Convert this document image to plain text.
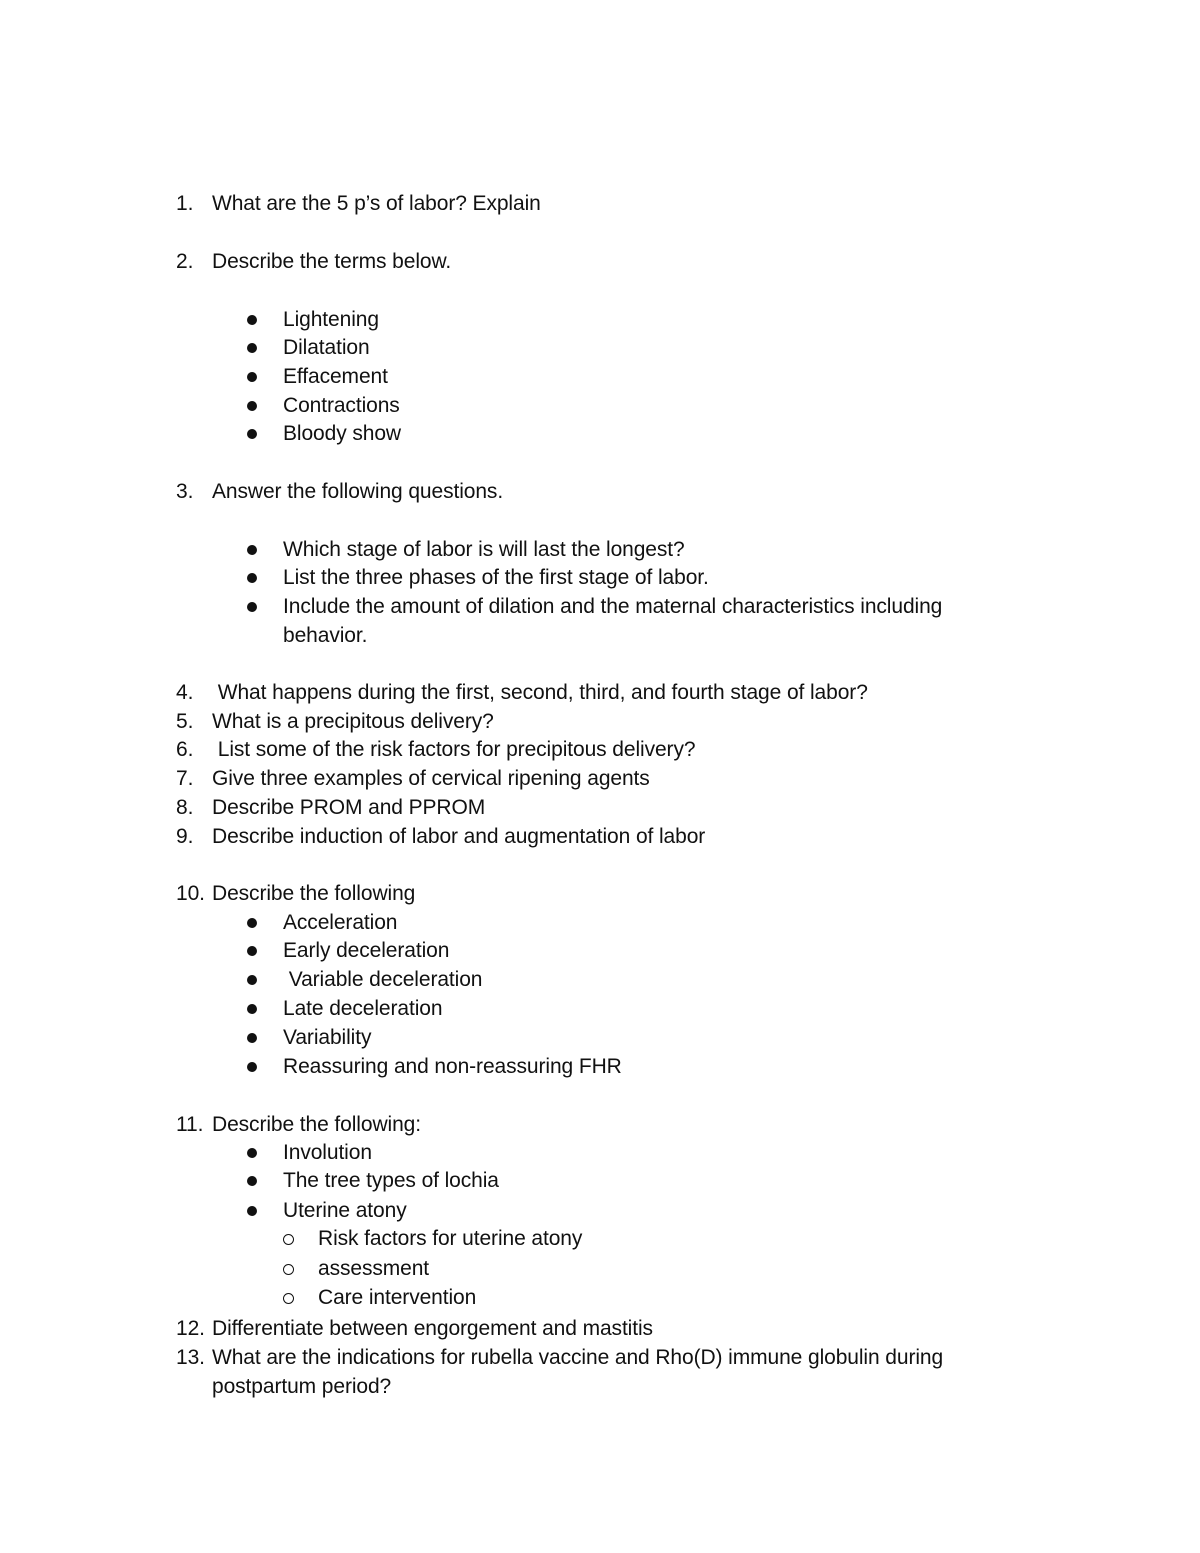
1. What are the 5 p’s of labor? Explain
2. Describe the terms below.
Lightening
Dilatation
Effacement
Contractions
Bloody show
3. Answer the following questions.
Which stage of labor is will last the longest?
List the three phases of the first stage of labor.
Include the amount of dilation and the maternal characteristics including
behavior.
4. What happens during the first, second, third, and fourth stage of labor?
5. What is a precipitous delivery?
6. List some of the risk factors for precipitous delivery?
7. Give three examples of cervical ripening agents
8. Describe PROM and PPROM
9. Describe induction of labor and augmentation of labor
10. Describe the following
Acceleration
Early deceleration
Variable deceleration
Late deceleration
Variability
Reassuring and non-reassuring FHR
11. Describe the following:
Involution
The tree types of lochia
Uterine atony
Risk factors for uterine atony
assessment
Care intervention
12. Differentiate between engorgement and mastitis
13. What are the indications for rubella vaccine and Rho(D) immune globulin during
postpartum period?
